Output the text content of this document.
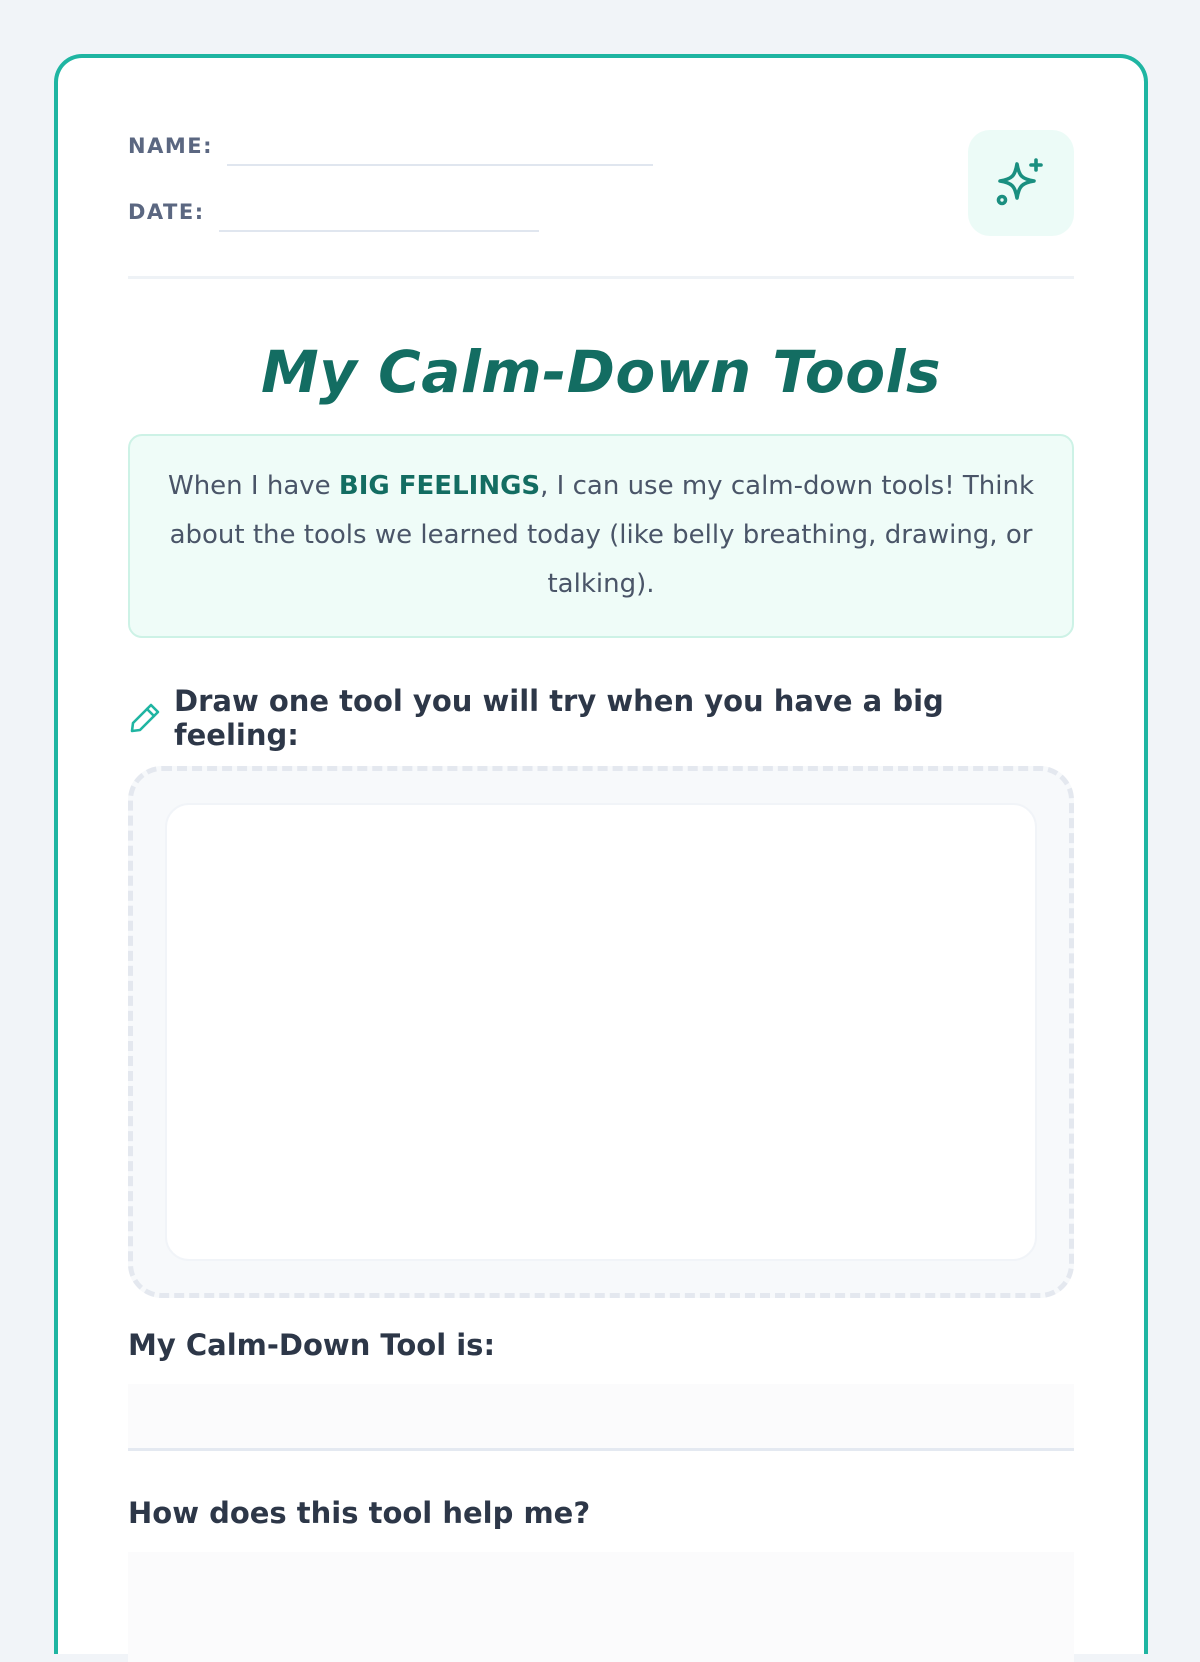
NAME:
DATE:
My Calm-Down Tools
When I have BIG FEELINGS, I can use my calm-down tools! Think about the tools we learned today (like belly breathing, drawing, or talking).
Draw one tool you will try when you have a big feeling:
My Calm-Down Tool is:
How does this tool help me?
